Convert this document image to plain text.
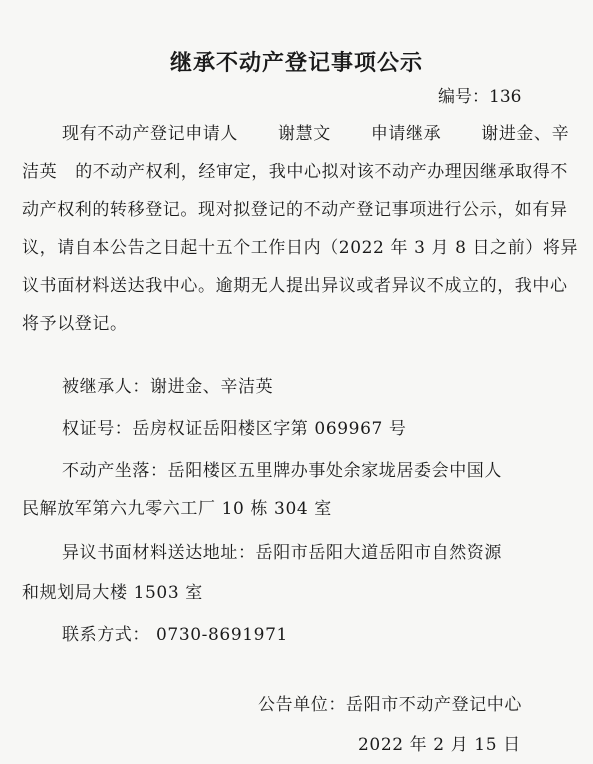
继承不动产登记事项公示
编号：136
现有不动产登记申请人 谢慧文 申请继承 谢进金、辛洁英 的不动产权利，经审定，我中心拟对该不动产办理因继承取得不动产权利的转移登记。现对拟登记的不动产登记事项进行公示，如有异议，请自本公告之日起十五个工作日内（2022 年 3 月 8 日之前）将异议书面材料送达我中心。逾期无人提出异议或者异议不成立的，我中心将予以登记。
被继承人：谢进金、辛洁英
权证号：岳房权证岳阳楼区字第 069967 号
不动产坐落：岳阳楼区五里牌办事处余家垅居委会中国人
民解放军第六九零六工厂 10 栋 304 室
异议书面材料送达地址：岳阳市岳阳大道岳阳市自然资源
和规划局大楼 1503 室
联系方式： 0730-8691971
公告单位：岳阳市不动产登记中心
2022 年 2 月 15 日
